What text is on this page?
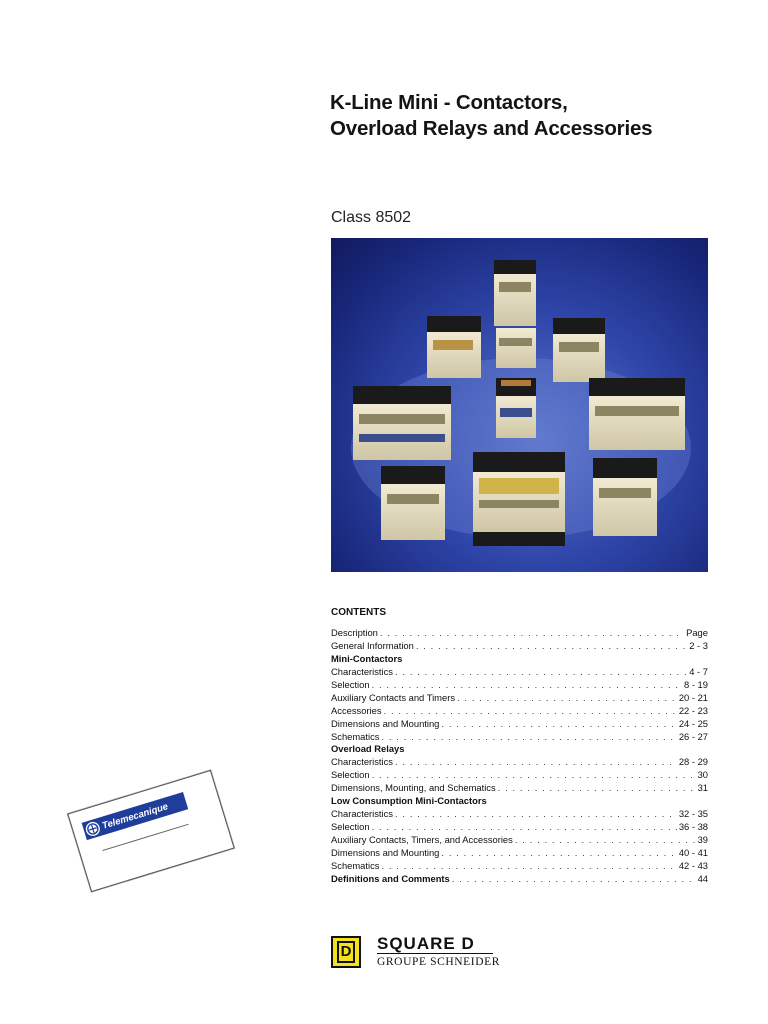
K-Line Mini - Contactors,
Overload Relays and Accessories
Class 8502
CONTENTS
Description . . .	Page
General Information . . .	2 - 3
Mini-Contactors
Characteristics . . .	4 - 7
Selection . . .	8 - 19
Auxiliary Contacts and Timers . . .	20 - 21
Accessories . . .	22 - 23
Dimensions and Mounting . . .	24 - 25
Schematics . . .	26 - 27
Overload Relays
Characteristics . . .	28 - 29
Selection . . .	30
Dimensions, Mounting, and Schematics . . .	31
Low Consumption Mini-Contactors
Characteristics . . .	32 - 35
Selection . . .	36 - 38
Auxiliary Contacts, Timers, and Accessories . . .	39
Dimensions and Mounting . . .	40 - 41
Schematics . . .	42 - 43
Definitions and Comments . . .	44
Telemecanique
D SQUARE D
GROUPE SCHNEIDER
